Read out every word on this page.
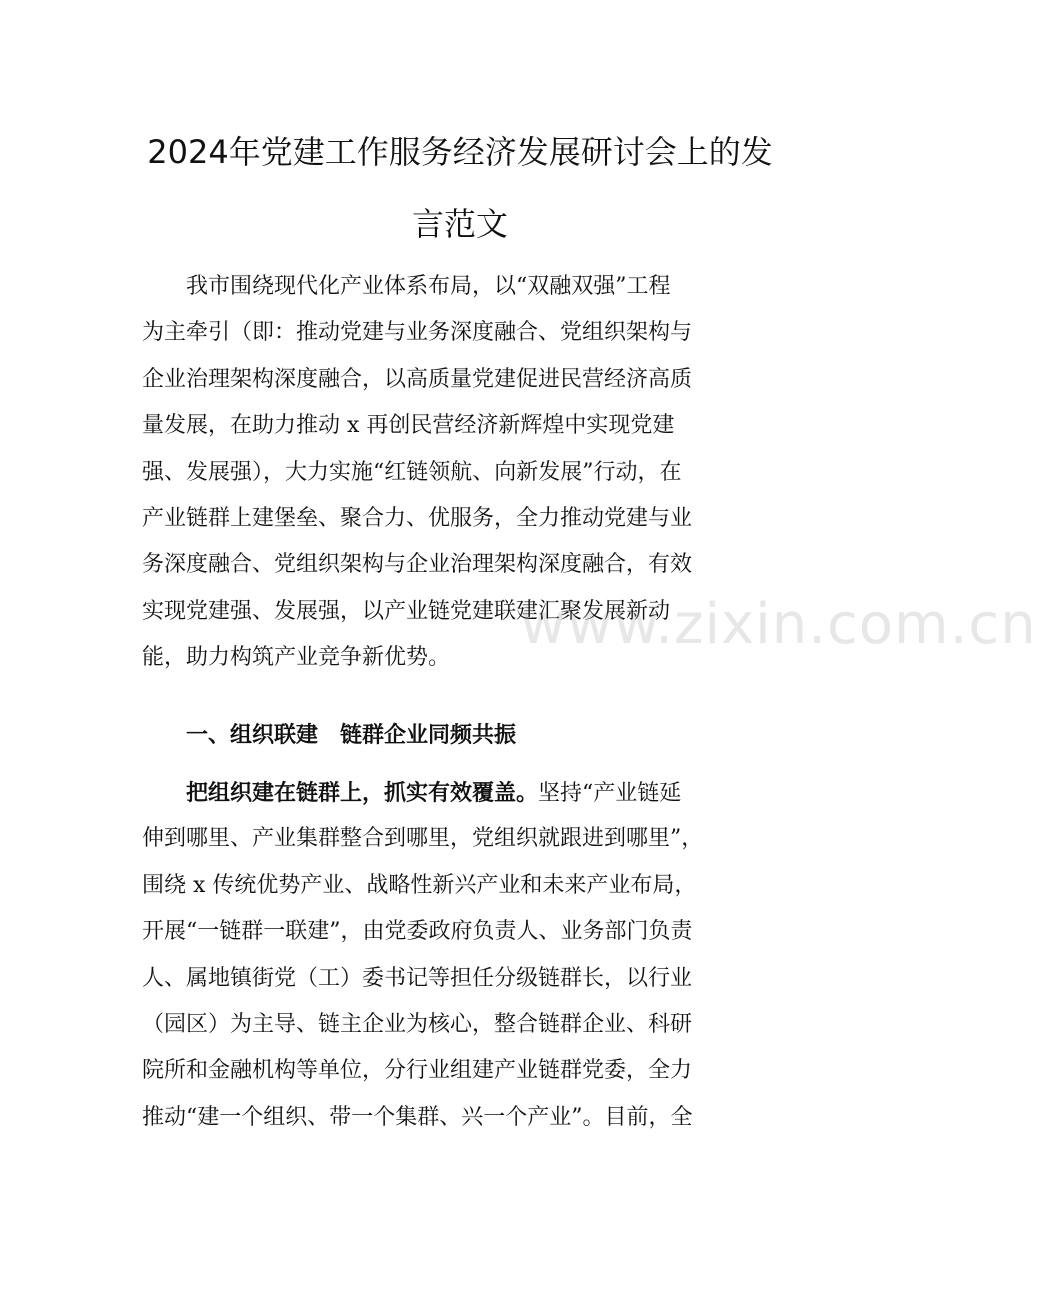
2024年党建工作服务经济发展研讨会上的发
言范文
　　我市围绕现代化产业体系布局，以“双融双强”工程
为主牵引（即：推动党建与业务深度融合、党组织架构与
企业治理架构深度融合，以高质量党建促进民营经济高质
量发展，在助力推动 x 再创民营经济新辉煌中实现党建
强、发展强），大力实施“红链领航、向新发展”行动，在
产业链群上建堡垒、聚合力、优服务，全力推动党建与业
务深度融合、党组织架构与企业治理架构深度融合，有效
实现党建强、发展强，以产业链党建联建汇聚发展新动
能，助力构筑产业竞争新优势。
　　一、组织联建　链群企业同频共振
　　把组织建在链群上，抓实有效覆盖。坚持“产业链延
伸到哪里、产业集群整合到哪里，党组织就跟进到哪里”，
围绕 x 传统优势产业、战略性新兴产业和未来产业布局，
开展“一链群一联建”，由党委政府负责人、业务部门负责
人、属地镇街党（工）委书记等担任分级链群长，以行业
（园区）为主导、链主企业为核心，整合链群企业、科研
院所和金融机构等单位，分行业组建产业链群党委，全力
推动“建一个组织、带一个集群、兴一个产业”。目前，全
www.zixin.com.cn
